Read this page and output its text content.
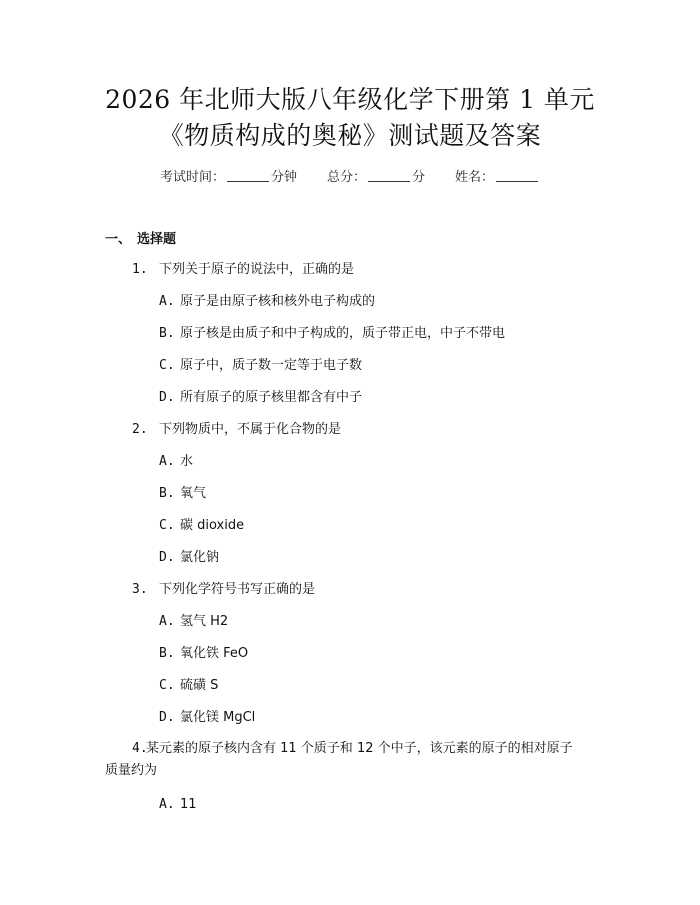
2026 年北师大版八年级化学下册第 1 单元
《物质构成的奥秘》测试题及答案
考试时间：	分钟 总分：	分 姓名：
一、 选择题
1. 下列关于原子的说法中，正确的是
A. 原子是由原子核和核外电子构成的
B. 原子核是由质子和中子构成的，质子带正电，中子不带电
C. 原子中，质子数一定等于电子数
D. 所有原子的原子核里都含有中子
2. 下列物质中，不属于化合物的是
A. 水
B. 氧气
C. 碳 dioxide
D. 氯化钠
3. 下列化学符号书写正确的是
A. 氢气 H2
B. 氧化铁 FeO
C. 硫磺 S
D. 氯化镁 MgCl
4.某元素的原子核内含有 11 个质子和 12 个中子，该元素的原子的相对原子质量约为
A. 11
